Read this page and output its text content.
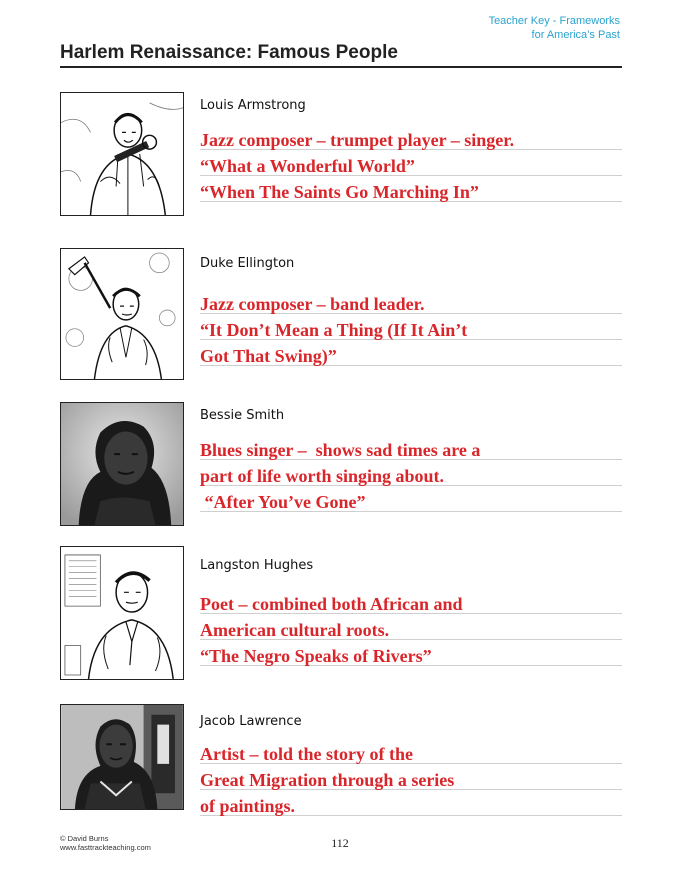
Teacher Key - Frameworks
for America’s Past
Harlem Renaissance: Famous People
Louis Armstrong
Jazz composer – trumpet player – singer.
“What a Wonderful World”
“When The Saints Go Marching In”
Duke Ellington
Jazz composer – band leader.
“It Don’t Mean a Thing (If It Ain’t
Got That Swing)”
Bessie Smith
Blues singer –  shows sad times are a
part of life worth singing about.
“After You’ve Gone”
Langston Hughes
Poet – combined both African and
American cultural roots.
“The Negro Speaks of Rivers”
Jacob Lawrence
Artist – told the story of the
Great Migration through a series
of paintings.
© David Burns
www.fasttrackteaching.com	112
